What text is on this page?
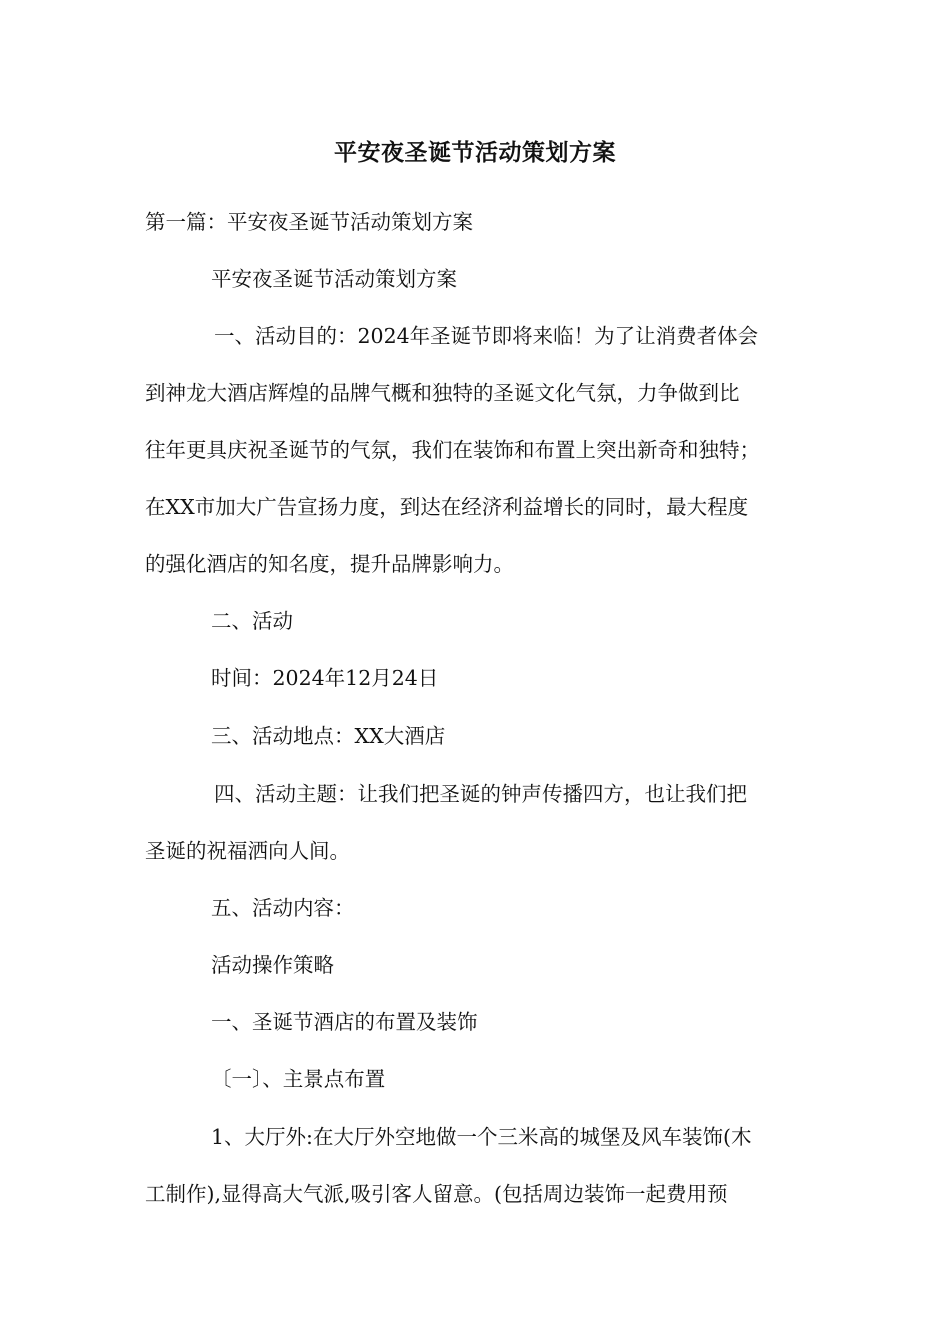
平安夜圣诞节活动策划方案
第一篇：平安夜圣诞节活动策划方案
平安夜圣诞节活动策划方案
一、活动目的：2024年圣诞节即将来临！为了让消费者体会
到神龙大酒店辉煌的品牌气概和独特的圣诞文化气氛，力争做到比
往年更具庆祝圣诞节的气氛，我们在装饰和布置上突出新奇和独特；
在XX市加大广告宣扬力度，到达在经济利益增长的同时，最大程度
的强化酒店的知名度，提升品牌影响力。
二、活动
时间：2024年12月24日
三、活动地点：XX大酒店
四、活动主题：让我们把圣诞的钟声传播四方，也让我们把
圣诞的祝福洒向人间。
五、活动内容：
活动操作策略
一、圣诞节酒店的布置及装饰
〔一〕、主景点布置
1、大厅外:在大厅外空地做一个三米高的城堡及风车装饰(木
工制作),显得高大气派,吸引客人留意。(包括周边装饰一起费用预
